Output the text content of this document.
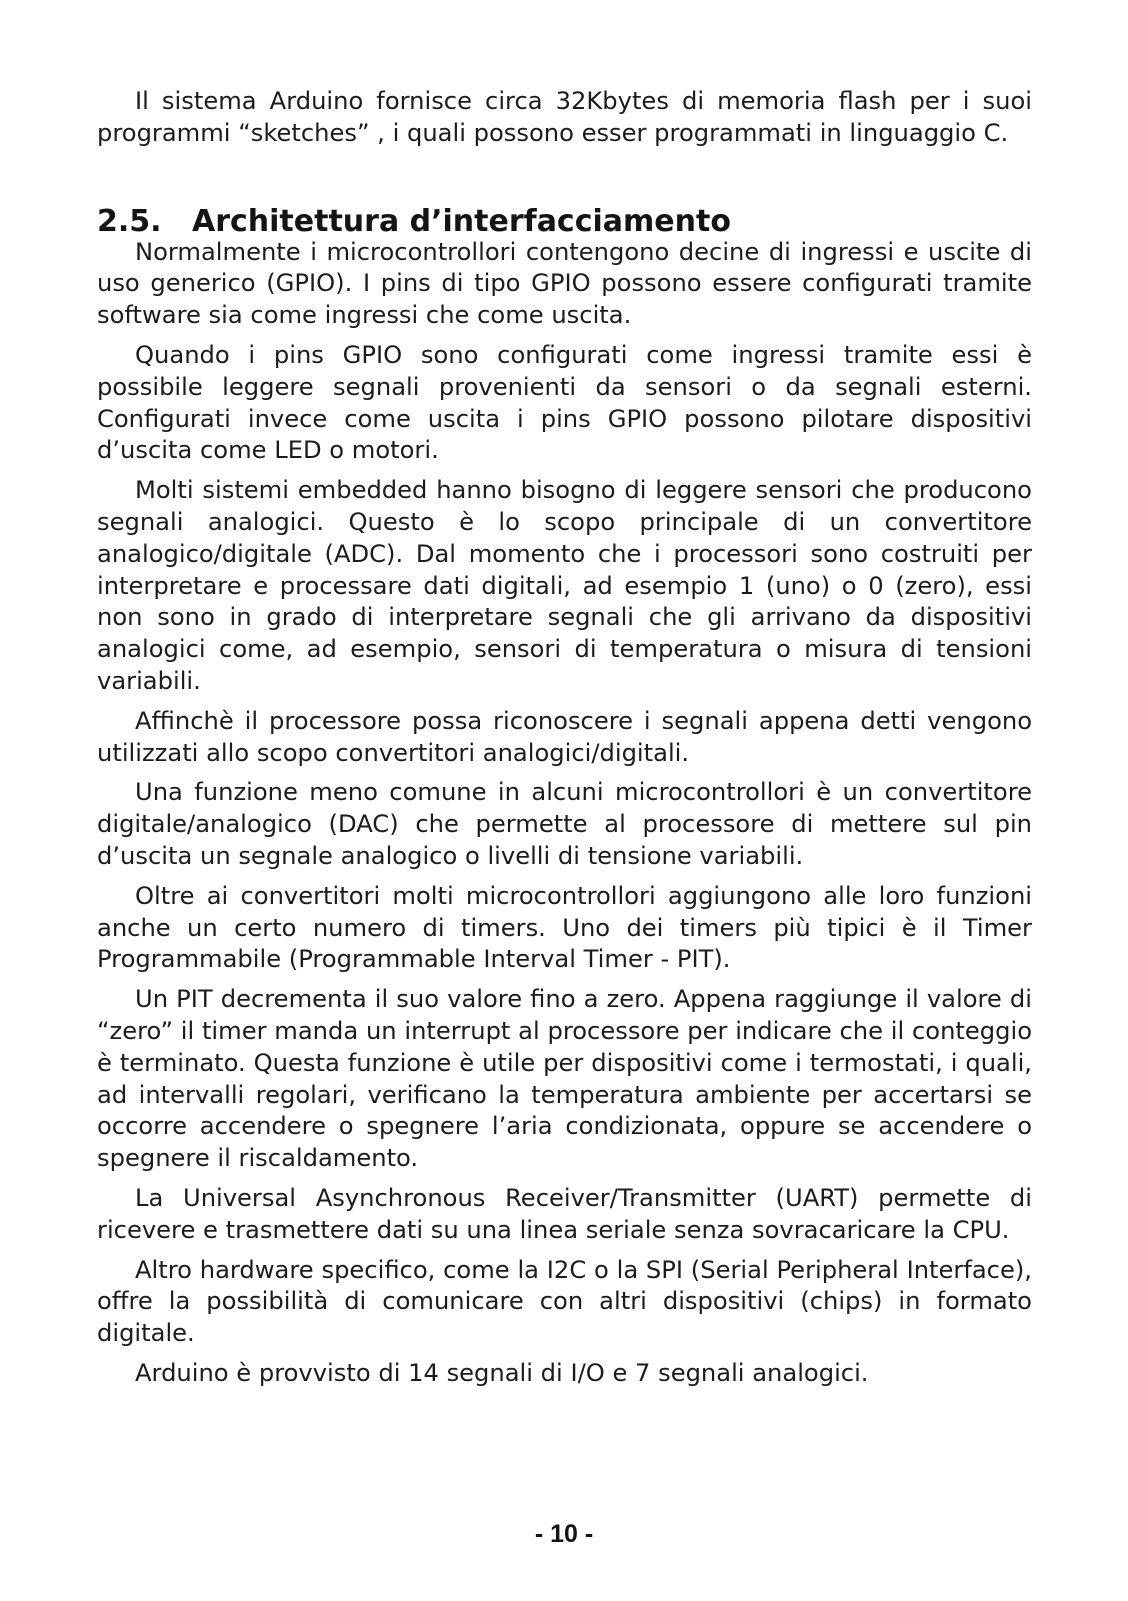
Il sistema Arduino fornisce circa 32Kbytes di memoria flash per i suoi programmi “sketches” , i quali possono esser programmati in linguaggio C.

2.5. Architettura d’interfacciamento

Normalmente i microcontrollori contengono decine di ingressi e uscite di uso generico (GPIO). I pins di tipo GPIO possono essere configurati tramite software sia come ingressi che come uscita.

Quando i pins GPIO sono configurati come ingressi tramite essi è possibile leggere segnali provenienti da sensori o da segnali esterni. Configurati invece come uscita i pins GPIO possono pilotare dispositivi d’uscita come LED o motori.

Molti sistemi embedded hanno bisogno di leggere sensori che producono segnali analogici. Questo è lo scopo principale di un convertitore analogico/digitale (ADC). Dal momento che i processori sono costruiti per interpretare e processare dati digitali, ad esempio 1 (uno) o 0 (zero), essi non sono in grado di interpretare segnali che gli arrivano da dispositivi analogici come, ad esempio, sensori di temperatura o misura di tensioni variabili.

Affinchè il processore possa riconoscere i segnali appena detti vengono utilizzati allo scopo convertitori analogici/digitali.

Una funzione meno comune in alcuni microcontrollori è un convertitore digitale/analogico (DAC) che permette al processore di mettere sul pin d’uscita un segnale analogico o livelli di tensione variabili.

Oltre ai convertitori molti microcontrollori aggiungono alle loro funzioni anche un certo numero di timers. Uno dei timers più tipici è il Timer Programmabile (Programmable Interval Timer - PIT).

Un PIT decrementa il suo valore fino a zero. Appena raggiunge il valore di “zero” il timer manda un interrupt al processore per indicare che il conteggio è terminato. Questa funzione è utile per dispositivi come i termostati, i quali, ad intervalli regolari, verificano la temperatura ambiente per accertarsi se occorre accendere o spegnere l’aria condizionata, oppure se accendere o spegnere il riscaldamento.

La Universal Asynchronous Receiver/Transmitter (UART) permette di ricevere e trasmettere dati su una linea seriale senza sovracaricare la CPU.

Altro hardware specifico, come la I2C o la SPI (Serial Peripheral Interface), offre la possibilità di comunicare con altri dispositivi (chips) in formato digitale.

Arduino è provvisto di 14 segnali di I/O e 7 segnali analogici.

- 10 -
